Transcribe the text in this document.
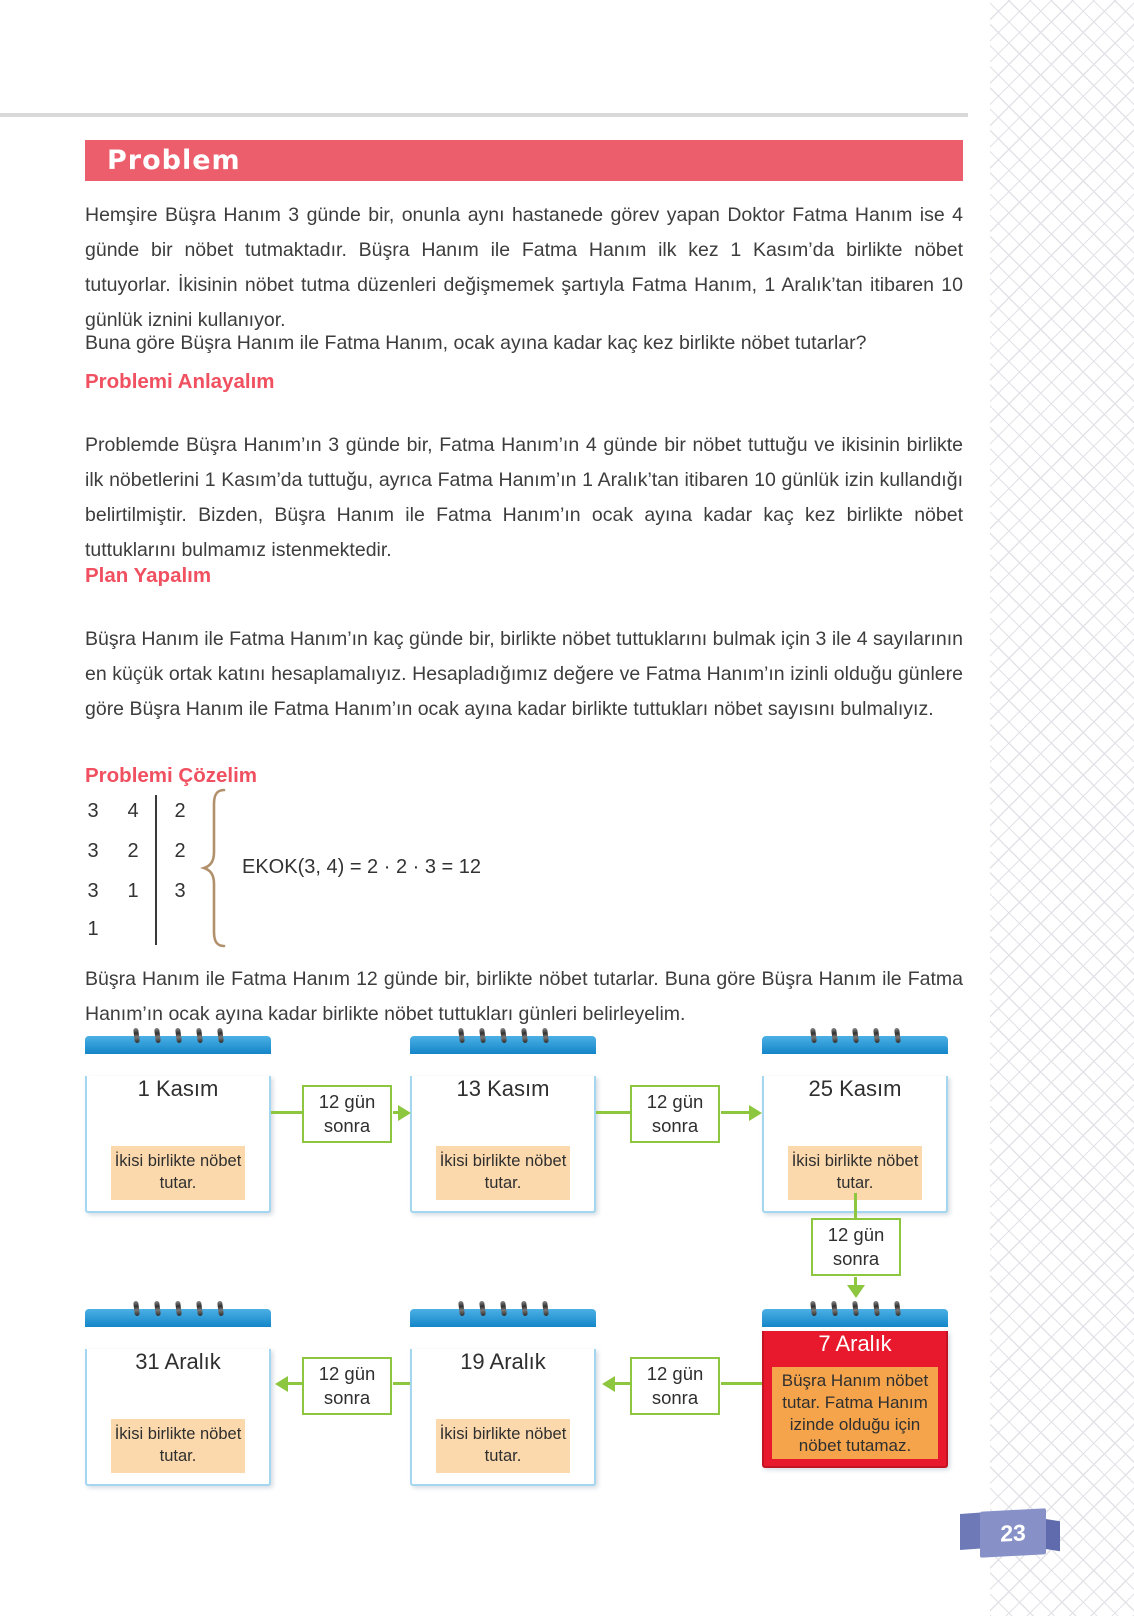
Problem

Hemşire Büşra Hanım 3 günde bir, onunla aynı hastanede görev yapan Doktor Fatma Hanım ise 4 günde bir nöbet tutmaktadır. Büşra Hanım ile Fatma Hanım ilk kez 1 Kasım’da birlikte nöbet tutuyorlar. İkisinin nöbet tutma düzenleri değişmemek şartıyla Fatma Hanım, 1 Aralık’tan itibaren 10 günlük iznini kullanıyor.

Buna göre Büşra Hanım ile Fatma Hanım, ocak ayına kadar kaç kez birlikte nöbet tutarlar?

Problemi Anlayalım

Problemde Büşra Hanım’ın 3 günde bir, Fatma Hanım’ın 4 günde bir nöbet tuttuğu ve ikisinin birlikte ilk nöbetlerini 1 Kasım’da tuttuğu, ayrıca Fatma Hanım’ın 1 Aralık’tan itibaren 10 günlük izin kullandığı belirtilmiştir. Bizden, Büşra Hanım ile Fatma Hanım’ın ocak ayına kadar kaç kez birlikte nöbet tuttuklarını bulmamız istenmektedir.

Plan Yapalım

Büşra Hanım ile Fatma Hanım’ın kaç günde bir, birlikte nöbet tuttuklarını bulmak için 3 ile 4 sayılarının en küçük ortak katını hesaplamalıyız. Hesapladığımız değere ve Fatma Hanım’ın izinli olduğu günlere göre Büşra Hanım ile Fatma Hanım’ın ocak ayına kadar birlikte tuttukları nöbet sayısını bulmalıyız.

Problemi Çözelim
3	4	2
3	2	2
3	1	3
1
EKOK(3, 4) = 2 · 2 · 3 = 12

Büşra Hanım ile Fatma Hanım 12 günde bir, birlikte nöbet tutarlar. Buna göre Büşra Hanım ile Fatma Hanım’ın ocak ayına kadar birlikte nöbet tuttukları günleri belirleyelim.

1 Kasım
İkisi birlikte nöbet tutar.
13 Kasım
İkisi birlikte nöbet tutar.
25 Kasım
İkisi birlikte nöbet tutar.
7 Aralık
Büşra Hanım nöbet tutar. Fatma Hanım izinde olduğu için nöbet tutamaz.
19 Aralık
İkisi birlikte nöbet tutar.
31 Aralık
İkisi birlikte nöbet tutar.
12 gün sonra
12 gün sonra
12 gün sonra
12 gün sonra
12 gün sonra
23
